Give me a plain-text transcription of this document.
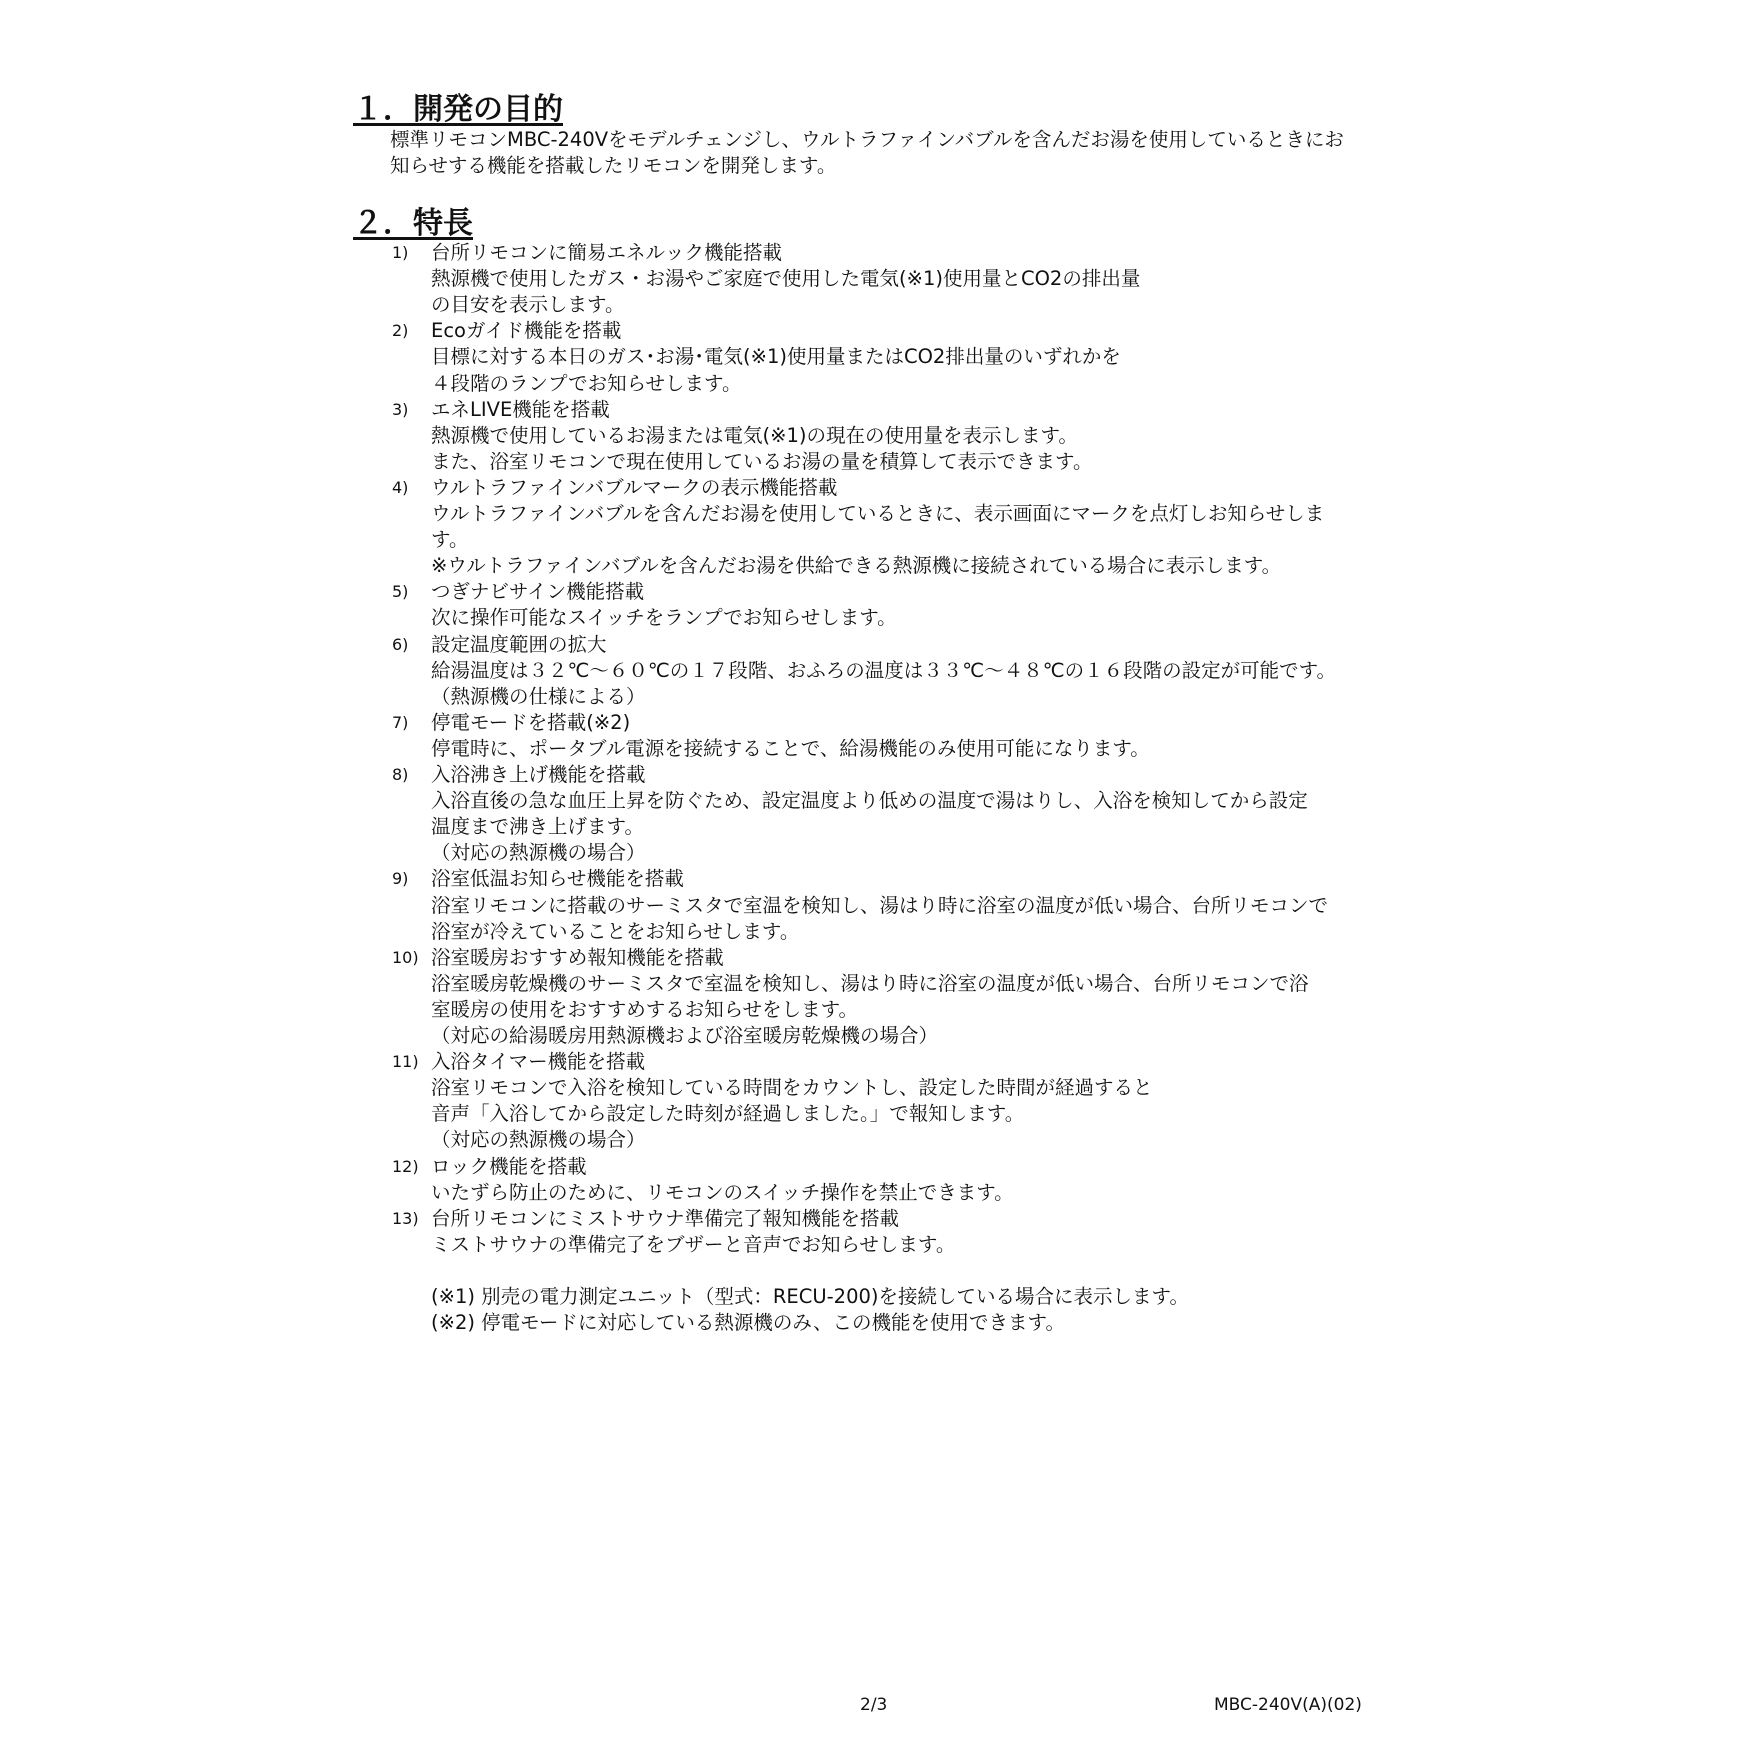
１．開発の目的
標準リモコンMBC-240Vをモデルチェンジし、ウルトラファインバブルを含んだお湯を使用しているときにお
知らせする機能を搭載したリモコンを開発します。
２．特長
1) 台所リモコンに簡易エネルック機能搭載
熱源機で使用したガス・お湯やご家庭で使用した電気(※1)使用量とCO2の排出量
の目安を表示します。
2) Ecoガイド機能を搭載
目標に対する本日のガス･お湯･電気(※1)使用量またはCO2排出量のいずれかを
４段階のランプでお知らせします。
3) エネLIVE機能を搭載
熱源機で使用しているお湯または電気(※1)の現在の使用量を表示します。
また、浴室リモコンで現在使用しているお湯の量を積算して表示できます。
4) ウルトラファインバブルマークの表示機能搭載
ウルトラファインバブルを含んだお湯を使用しているときに、表示画面にマークを点灯しお知らせしま
す。
※ウルトラファインバブルを含んだお湯を供給できる熱源機に接続されている場合に表示します。
5) つぎナビサイン機能搭載
次に操作可能なスイッチをランプでお知らせします。
6) 設定温度範囲の拡大
給湯温度は３２℃～６０℃の１７段階、おふろの温度は３３℃～４８℃の１６段階の設定が可能です。
（熱源機の仕様による）
7) 停電モードを搭載(※2)
停電時に、ポータブル電源を接続することで、給湯機能のみ使用可能になります。
8) 入浴沸き上げ機能を搭載
入浴直後の急な血圧上昇を防ぐため、設定温度より低めの温度で湯はりし、入浴を検知してから設定
温度まで沸き上げます。
（対応の熱源機の場合）
9) 浴室低温お知らせ機能を搭載
浴室リモコンに搭載のサーミスタで室温を検知し、湯はり時に浴室の温度が低い場合、台所リモコンで
浴室が冷えていることをお知らせします。
10) 浴室暖房おすすめ報知機能を搭載
浴室暖房乾燥機のサーミスタで室温を検知し、湯はり時に浴室の温度が低い場合、台所リモコンで浴
室暖房の使用をおすすめするお知らせをします。
（対応の給湯暖房用熱源機および浴室暖房乾燥機の場合）
11) 入浴タイマー機能を搭載
浴室リモコンで入浴を検知している時間をカウントし、設定した時間が経過すると
音声「入浴してから設定した時刻が経過しました。」で報知します。
（対応の熱源機の場合）
12) ロック機能を搭載
いたずら防止のために、リモコンのスイッチ操作を禁止できます。
13) 台所リモコンにミストサウナ準備完了報知機能を搭載
ミストサウナの準備完了をブザーと音声でお知らせします。
(※1) 別売の電力測定ユニット（型式：RECU-200)を接続している場合に表示します。
(※2) 停電モードに対応している熱源機のみ、この機能を使用できます。
2/3	MBC-240V(A)(02)
